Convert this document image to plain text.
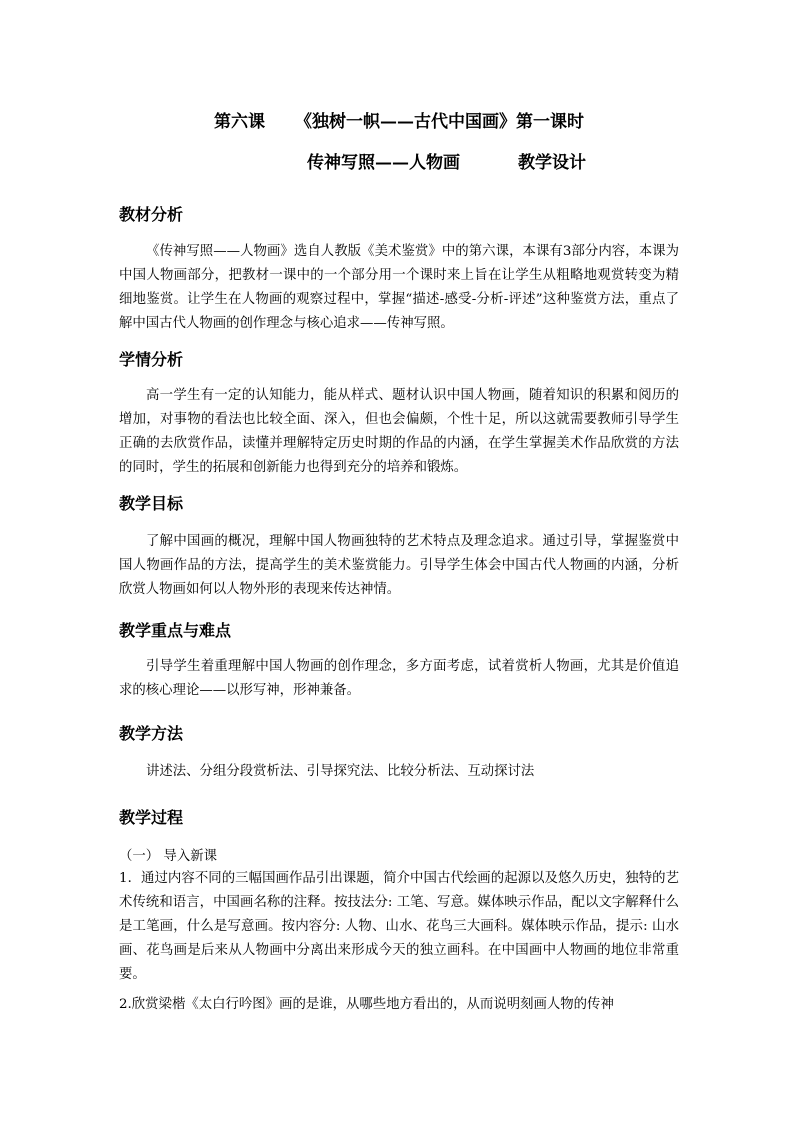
第六课 《独树一帜——古代中国画》第一课时

传神写照——人物画	教学设计

教材分析

《传神写照——人物画》选自人教版《美术鉴赏》中的第六课，本课有3部分内容，本课为中国人物画部分，把教材一课中的一个部分用一个课时来上旨在让学生从粗略地观赏转变为精细地鉴赏。让学生在人物画的观察过程中，掌握“描述-感受-分析-评述”这种鉴赏方法，重点了解中国古代人物画的创作理念与核心追求——传神写照。

学情分析

高一学生有一定的认知能力，能从样式、题材认识中国人物画，随着知识的积累和阅历的增加，对事物的看法也比较全面、深入，但也会偏颇，个性十足，所以这就需要教师引导学生正确的去欣赏作品，读懂并理解特定历史时期的作品的内涵，在学生掌握美术作品欣赏的方法的同时，学生的拓展和创新能力也得到充分的培养和锻炼。

教学目标

了解中国画的概况，理解中国人物画独特的艺术特点及理念追求。通过引导，掌握鉴赏中国人物画作品的方法，提高学生的美术鉴赏能力。引导学生体会中国古代人物画的内涵，分析欣赏人物画如何以人物外形的表现来传达神情。

教学重点与难点

引导学生着重理解中国人物画的创作理念，多方面考虑，试着赏析人物画，尤其是价值追求的核心理论——以形写神，形神兼备。

教学方法

讲述法、分组分段赏析法、引导探究法、比较分析法、互动探讨法

教学过程

（一） 导入新课

1．通过内容不同的三幅国画作品引出课题，简介中国古代绘画的起源以及悠久历史，独特的艺术传统和语言，中国画名称的注释。按技法分: 工笔、写意。媒体映示作品，配以文字解释什么是工笔画，什么是写意画。按内容分: 人物、山水、花鸟三大画科。媒体映示作品，提示: 山水画、花鸟画是后来从人物画中分离出来形成今天的独立画科。在中国画中人物画的地位非常重要。

2.欣赏梁楷《太白行吟图》画的是谁，从哪些地方看出的，从而说明刻画人物的传神
